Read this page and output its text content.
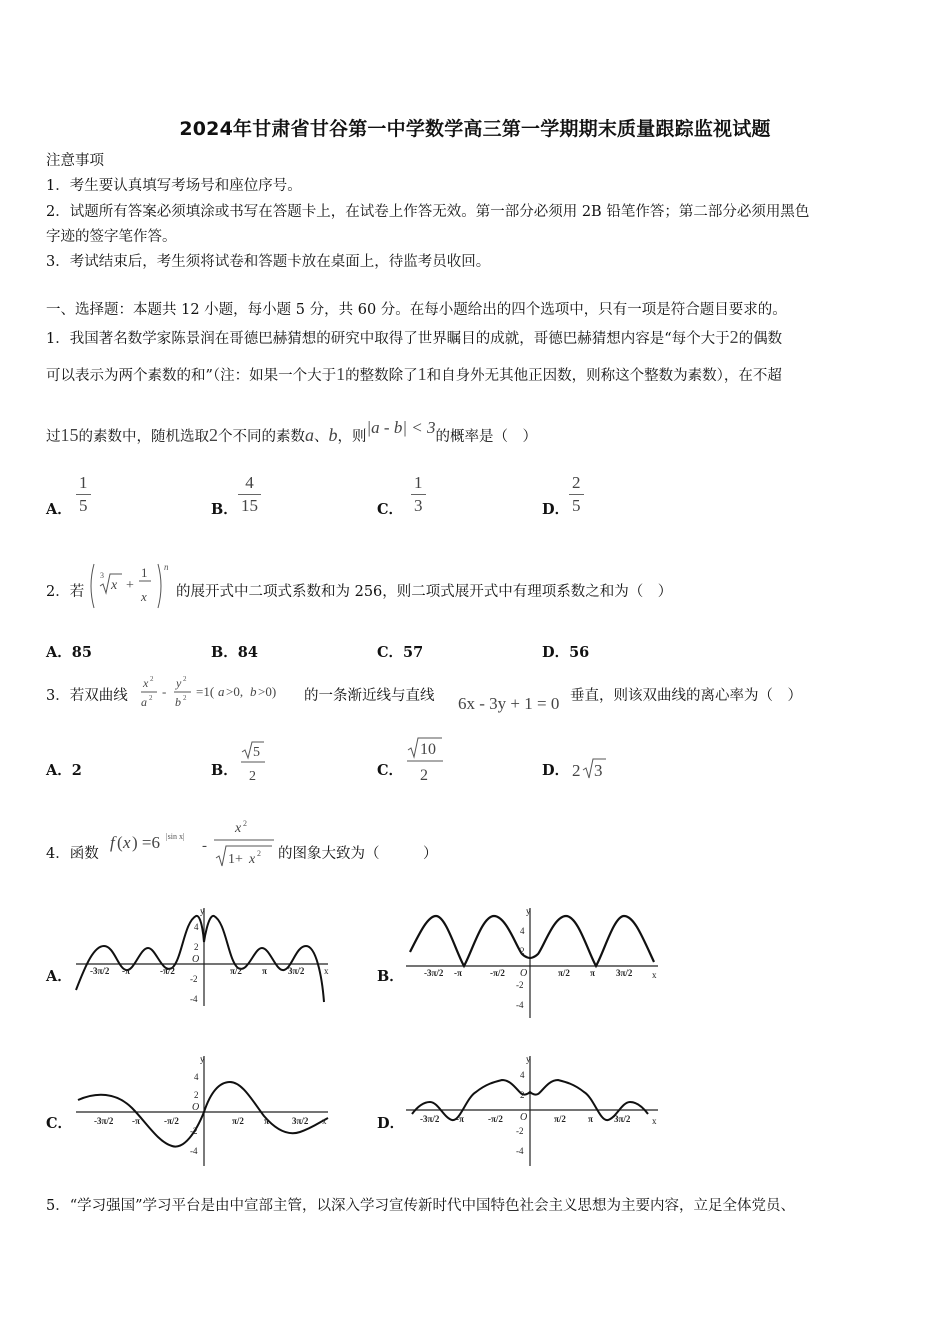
2024年甘肃省甘谷第一中学数学高三第一学期期末质量跟踪监视试题
注意事项
1．考生要认真填写考场号和座位序号。
2．试题所有答案必须填涂或书写在答题卡上，在试卷上作答无效。第一部分必须用 2B 铅笔作答；第二部分必须用黑色
字迹的签字笔作答。
3．考试结束后，考生须将试卷和答题卡放在桌面上，待监考员收回。
一、选择题：本题共 12 小题，每小题 5 分，共 60 分。在每小题给出的四个选项中，只有一项是符合题目要求的。
1．我国著名数学家陈景润在哥德巴赫猜想的研究中取得了世界瞩目的成就，哥德巴赫猜想内容是“每个大于2的偶数
可以表示为两个素数的和”（注：如果一个大于1的整数除了1和自身外无其他正因数，则称这个整数为素数），在不超
过15的素数中，随机选取2个不同的素数a、b，则|a - b| < 3的概率是（　）
A． $\frac{1}{5}$	B． $\frac{4}{15}$	C． $\frac{1}{3}$	D． $\frac{2}{5}$
2．若
3
x +
1
x
n
的展开式中二项式系数和为 256，则二项式展开式中有理项系数之和为（　）
A．85	B．84	C．57	D．56
3．若双曲线
x 2
a 2 -
y 2
b 2 =1( a >0, b >0) 的一条渐近线与直线 6x - 3y + 1 = 0 垂直，则该双曲线的离心率为（　）
A．2	B．
5
2	C．
10
2	D． 2 3
4．函数
f ( x ) =6 |sin x|
-
x 2
1+ x 2 的图象大致为（　　　）
A．
y
x
O
4
2
-2
-4
-3π/2 -π	-π/2	π/2 π 3π/2	B．
y
x
O
4
2
-2
-4
-3π/2 -π	-π/2	π/2 π 3π/2
C．
y
x
O
4
2
-2
-4
-3π/2 -π	-π/2	π/2 π	3π/2	D．
y
x
O
4
2
-2
-4
-3π/2 -π	-π/2	π/2 π 3π/2
5．“学习强国”学习平台是由中宣部主管，以深入学习宣传新时代中国特色社会主义思想为主要内容，立足全体党员、
